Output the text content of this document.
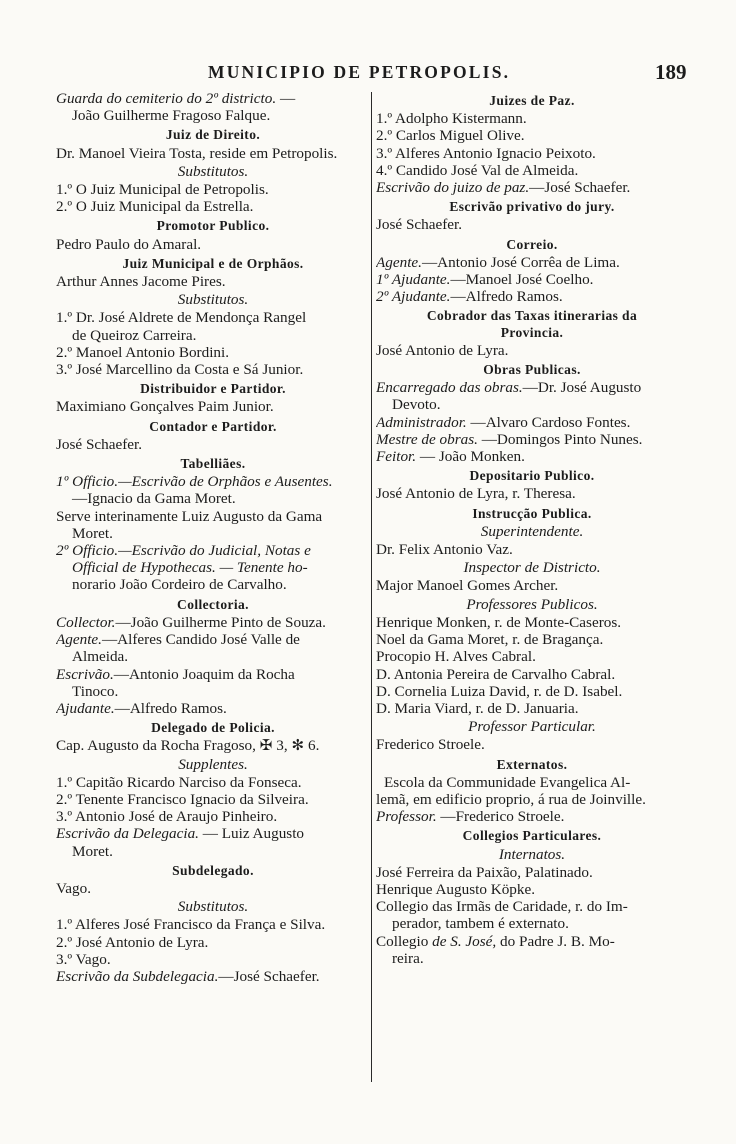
MUNICIPIO DE PETROPOLIS.	189
Guarda do cemiterio do 2º districto. —
João Guilherme Fragoso Falque.
Juiz de Direito.
Dr. Manoel Vieira Tosta, reside em Petropolis.
Substitutos.
1.º O Juiz Municipal de Petropolis.
2.º O Juiz Municipal da Estrella.
Promotor Publico.
Pedro Paulo do Amaral.
Juiz Municipal e de Orphãos.
Arthur Annes Jacome Pires.
Substitutos.
1.º Dr. José Aldrete de Mendonça Rangel
de Queiroz Carreira.
2.º Manoel Antonio Bordini.
3.º José Marcellino da Costa e Sá Junior.
Distribuidor e Partidor.
Maximiano Gonçalves Paim Junior.
Contador e Partidor.
José Schaefer.
Tabelliães.
1º Officio.—Escrivão de Orphãos e Ausentes.
—Ignacio da Gama Moret.
Serve interinamente Luiz Augusto da Gama
Moret.
2º Officio.—Escrivão do Judicial, Notas e
Official de Hypothecas. — Tenente ho-
norario João Cordeiro de Carvalho.
Collectoria.
Collector.—João Guilherme Pinto de Souza.
Agente.—Alferes Candido José Valle de
Almeida.
Escrivão.—Antonio Joaquim da Rocha
Tinoco.
Ajudante.—Alfredo Ramos.
Delegado de Policia.
Cap. Augusto da Rocha Fragoso, ✠ 3, ✻ 6.
Supplentes.
1.º Capitão Ricardo Narciso da Fonseca.
2.º Tenente Francisco Ignacio da Silveira.
3.º Antonio José de Araujo Pinheiro.
Escrivão da Delegacia. — Luiz Augusto
Moret.
Subdelegado.
Vago.
Substitutos.
1.º Alferes José Francisco da França e Silva.
2.º José Antonio de Lyra.
3.º Vago.
Escrivão da Subdelegacia.—José Schaefer.
Juizes de Paz.
1.º Adolpho Kistermann.
2.º Carlos Miguel Olive.
3.º Alferes Antonio Ignacio Peixoto.
4.º Candido José Val de Almeida.
Escrivão do juizo de paz.—José Schaefer.
Escrivão privativo do jury.
José Schaefer.
Correio.
Agente.—Antonio José Corrêa de Lima.
1º Ajudante.—Manoel José Coelho.
2º Ajudante.—Alfredo Ramos.
Cobrador das Taxas itinerarias da
Provincia.
José Antonio de Lyra.
Obras Publicas.
Encarregado das obras.—Dr. José Augusto
Devoto.
Administrador. —Alvaro Cardoso Fontes.
Mestre de obras. —Domingos Pinto Nunes.
Feitor. — João Monken.
Depositario Publico.
José Antonio de Lyra, r. Theresa.
Instrucção Publica.
Superintendente.
Dr. Felix Antonio Vaz.
Inspector de Districto.
Major Manoel Gomes Archer.
Professores Publicos.
Henrique Monken, r. de Monte-Caseros.
Noel da Gama Moret, r. de Bragança.
Procopio H. Alves Cabral.
D. Antonia Pereira de Carvalho Cabral.
D. Cornelia Luiza David, r. de D. Isabel.
D. Maria Viard, r. de D. Januaria.
Professor Particular.
Frederico Stroele.
Externatos.
Escola da Communidade Evangelica Al-
lemã, em edificio proprio, á rua de Joinville.
Professor. —Frederico Stroele.
Collegios Particulares.
Internatos.
José Ferreira da Paixão, Palatinado.
Henrique Augusto Köpke.
Collegio das Irmãs de Caridade, r. do Im-
perador, tambem é externato.
Collegio de S. José, do Padre J. B. Mo-
reira.
